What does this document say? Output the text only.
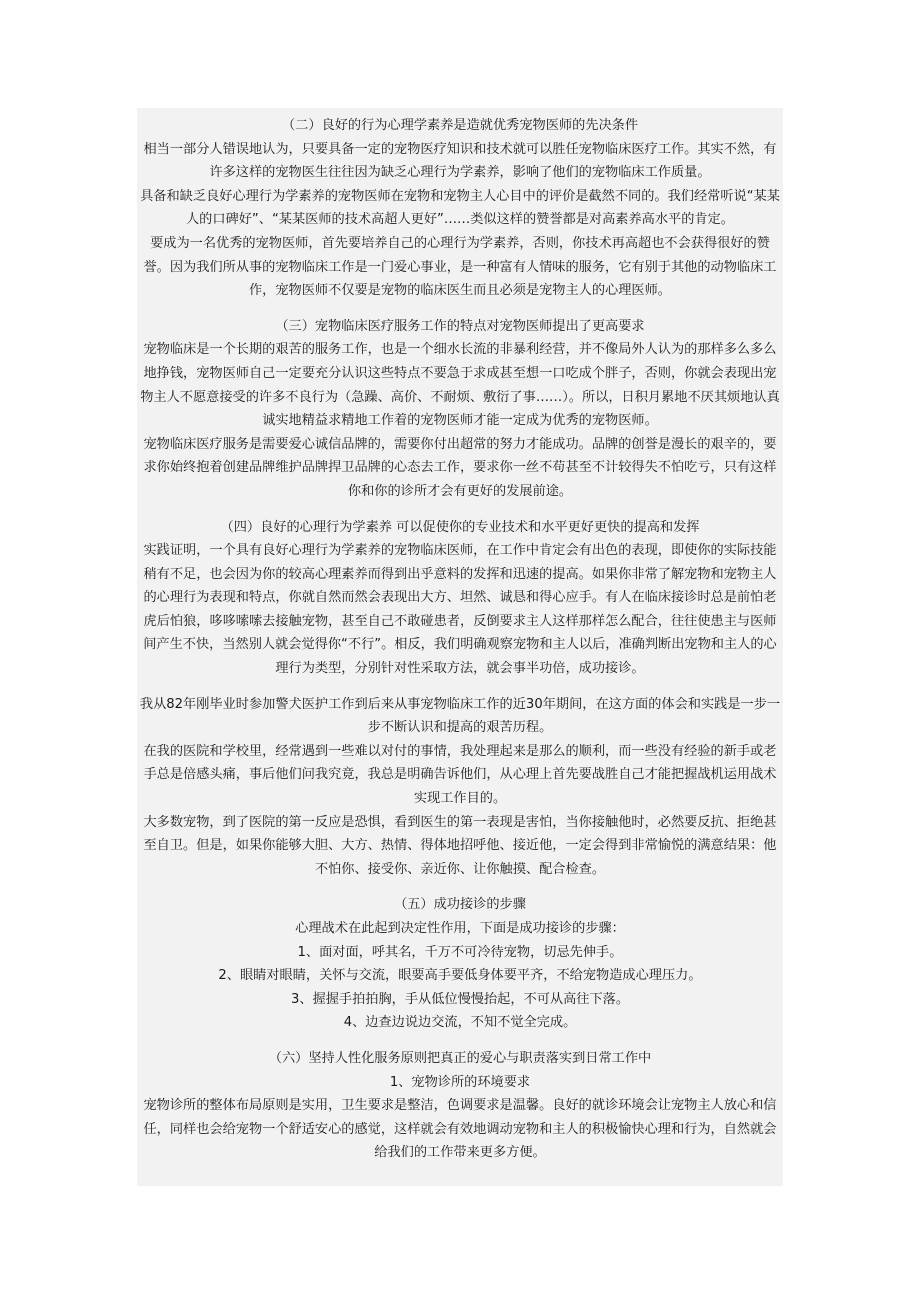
（二）良好的行为心理学素养是造就优秀宠物医师的先决条件
相当一部分人错误地认为，只要具备一定的宠物医疗知识和技术就可以胜任宠物临床医疗工作。其实不然，有许多这样的宠物医生往往因为缺乏心理行为学素养，影响了他们的宠物临床工作质量。
具备和缺乏良好心理行为学素养的宠物医师在宠物和宠物主人心目中的评价是截然不同的。我们经常听说“某某人的口碑好”、“某某医师的技术高超人更好”……类似这样的赞誉都是对高素养高水平的肯定。
要成为一名优秀的宠物医师，首先要培养自己的心理行为学素养，否则，你技术再高超也不会获得很好的赞誉。因为我们所从事的宠物临床工作是一门爱心事业，是一种富有人情味的服务，它有别于其他的动物临床工作，宠物医师不仅要是宠物的临床医生而且必须是宠物主人的心理医师。
（三）宠物临床医疗服务工作的特点对宠物医师提出了更高要求
宠物临床是一个长期的艰苦的服务工作，也是一个细水长流的非暴利经营，并不像局外人认为的那样多么多么地挣钱，宠物医师自己一定要充分认识这些特点不要急于求成甚至想一口吃成个胖子，否则，你就会表现出宠物主人不愿意接受的许多不良行为（急躁、高价、不耐烦、敷衍了事……）。所以，日积月累地不厌其烦地认真诚实地精益求精地工作着的宠物医师才能一定成为优秀的宠物医师。
宠物临床医疗服务是需要爱心诚信品牌的，需要你付出超常的努力才能成功。品牌的创誉是漫长的艰辛的，要求你始终抱着创建品牌维护品牌捍卫品牌的心态去工作，要求你一丝不苟甚至不计较得失不怕吃亏，只有这样你和你的诊所才会有更好的发展前途。
（四）良好的心理行为学素养 可以促使你的专业技术和水平更好更快的提高和发挥
实践证明，一个具有良好心理行为学素养的宠物临床医师，在工作中肯定会有出色的表现，即使你的实际技能稍有不足，也会因为你的较高心理素养而得到出乎意料的发挥和迅速的提高。如果你非常了解宠物和宠物主人的心理行为表现和特点，你就自然而然会表现出大方、坦然、诚恳和得心应手。有人在临床接诊时总是前怕老虎后怕狼，哆哆嗦嗦去接触宠物，甚至自己不敢碰患者，反倒要求主人这样那样怎么配合，往往使患主与医师间产生不快，当然别人就会觉得你“不行”。相反，我们明确观察宠物和主人以后，准确判断出宠物和主人的心理行为类型，分别针对性采取方法，就会事半功倍，成功接诊。
我从82年刚毕业时参加警犬医护工作到后来从事宠物临床工作的近30年期间，在这方面的体会和实践是一步一步不断认识和提高的艰苦历程。
在我的医院和学校里，经常遇到一些难以对付的事情，我处理起来是那么的顺利，而一些没有经验的新手或老手总是倍感头痛，事后他们问我究竟，我总是明确告诉他们，从心理上首先要战胜自己才能把握战机运用战术实现工作目的。
大多数宠物，到了医院的第一反应是恐惧，看到医生的第一表现是害怕，当你接触他时，必然要反抗、拒绝甚至自卫。但是，如果你能够大胆、大方、热情、得体地招呼他、接近他，一定会得到非常愉悦的满意结果：他不怕你、接受你、亲近你、让你触摸、配合检查。
（五）成功接诊的步骤
心理战术在此起到决定性作用，下面是成功接诊的步骤：
1、面对面，呼其名，千万不可冷待宠物，切忌先伸手。
2、眼睛对眼睛，关怀与交流，眼要高手要低身体要平齐，不给宠物造成心理压力。
3、握握手拍拍胸，手从低位慢慢抬起，不可从高往下落。
4、边查边说边交流，不知不觉全完成。
（六）坚持人性化服务原则把真正的爱心与职责落实到日常工作中
1、宠物诊所的环境要求
宠物诊所的整体布局原则是实用，卫生要求是整洁，色调要求是温馨。良好的就诊环境会让宠物主人放心和信任，同样也会给宠物一个舒适安心的感觉，这样就会有效地调动宠物和主人的积极愉快心理和行为，自然就会给我们的工作带来更多方便。
